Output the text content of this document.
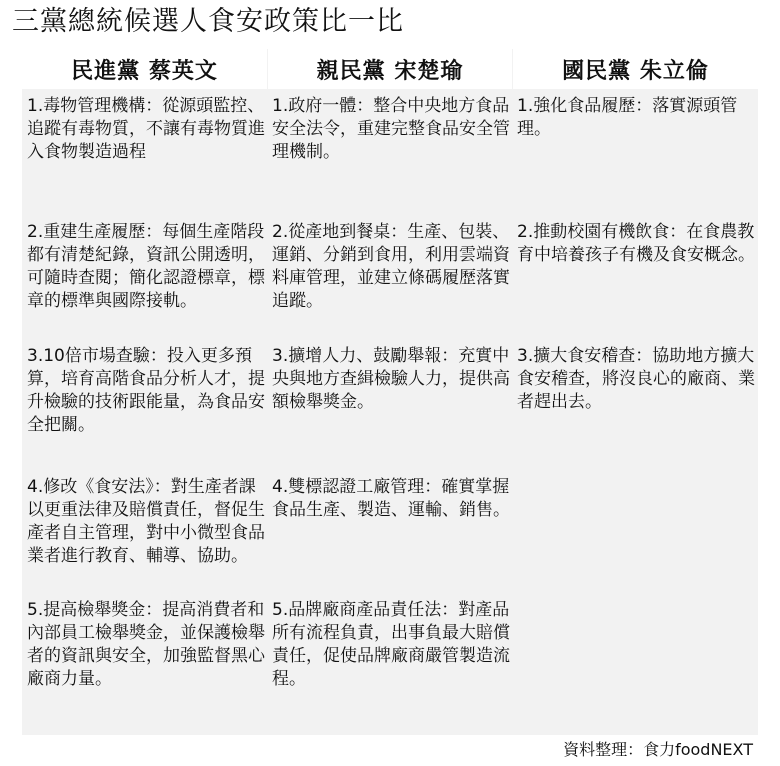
三黨總統候選人食安政策比一比
民進黨 蔡英文	親民黨 宋楚瑜	國民黨 朱立倫
1.毒物管理機構：從源頭監控、追蹤有毒物質，不讓有毒物質進入食物製造過程
1.政府一體：整合中央地方食品安全法令，重建完整食品安全管理機制。
1.強化食品履歷：落實源頭管理。
2.重建生產履歷：每個生產階段都有清楚紀錄，資訊公開透明，可隨時查閱；簡化認證標章，標章的標準與國際接軌。
2.從產地到餐桌：生產、包裝、運銷、分銷到食用，利用雲端資料庫管理，並建立條碼履歷落實追蹤。
2.推動校園有機飲食：在食農教育中培養孩子有機及食安概念。
3.10倍市場查驗：投入更多預算，培育高階食品分析人才，提升檢驗的技術跟能量，為食品安全把關。
3.擴增人力、鼓勵舉報：充實中央與地方查緝檢驗人力，提供高額檢舉獎金。
3.擴大食安稽查：協助地方擴大食安稽查，將沒良心的廠商、業者趕出去。
4.修改《食安法》：對生產者課以更重法律及賠償責任，督促生產者自主管理，對中小微型食品業者進行教育、輔導、協助。
4.雙標認證工廠管理：確實掌握食品生產、製造、運輸、銷售。
5.提高檢舉獎金：提高消費者和內部員工檢舉獎金，並保護檢舉者的資訊與安全，加強監督黑心廠商力量。
5.品牌廠商產品責任法：對產品所有流程負責，出事負最大賠償責任，促使品牌廠商嚴管製造流程。
資料整理：食力foodNEXT
